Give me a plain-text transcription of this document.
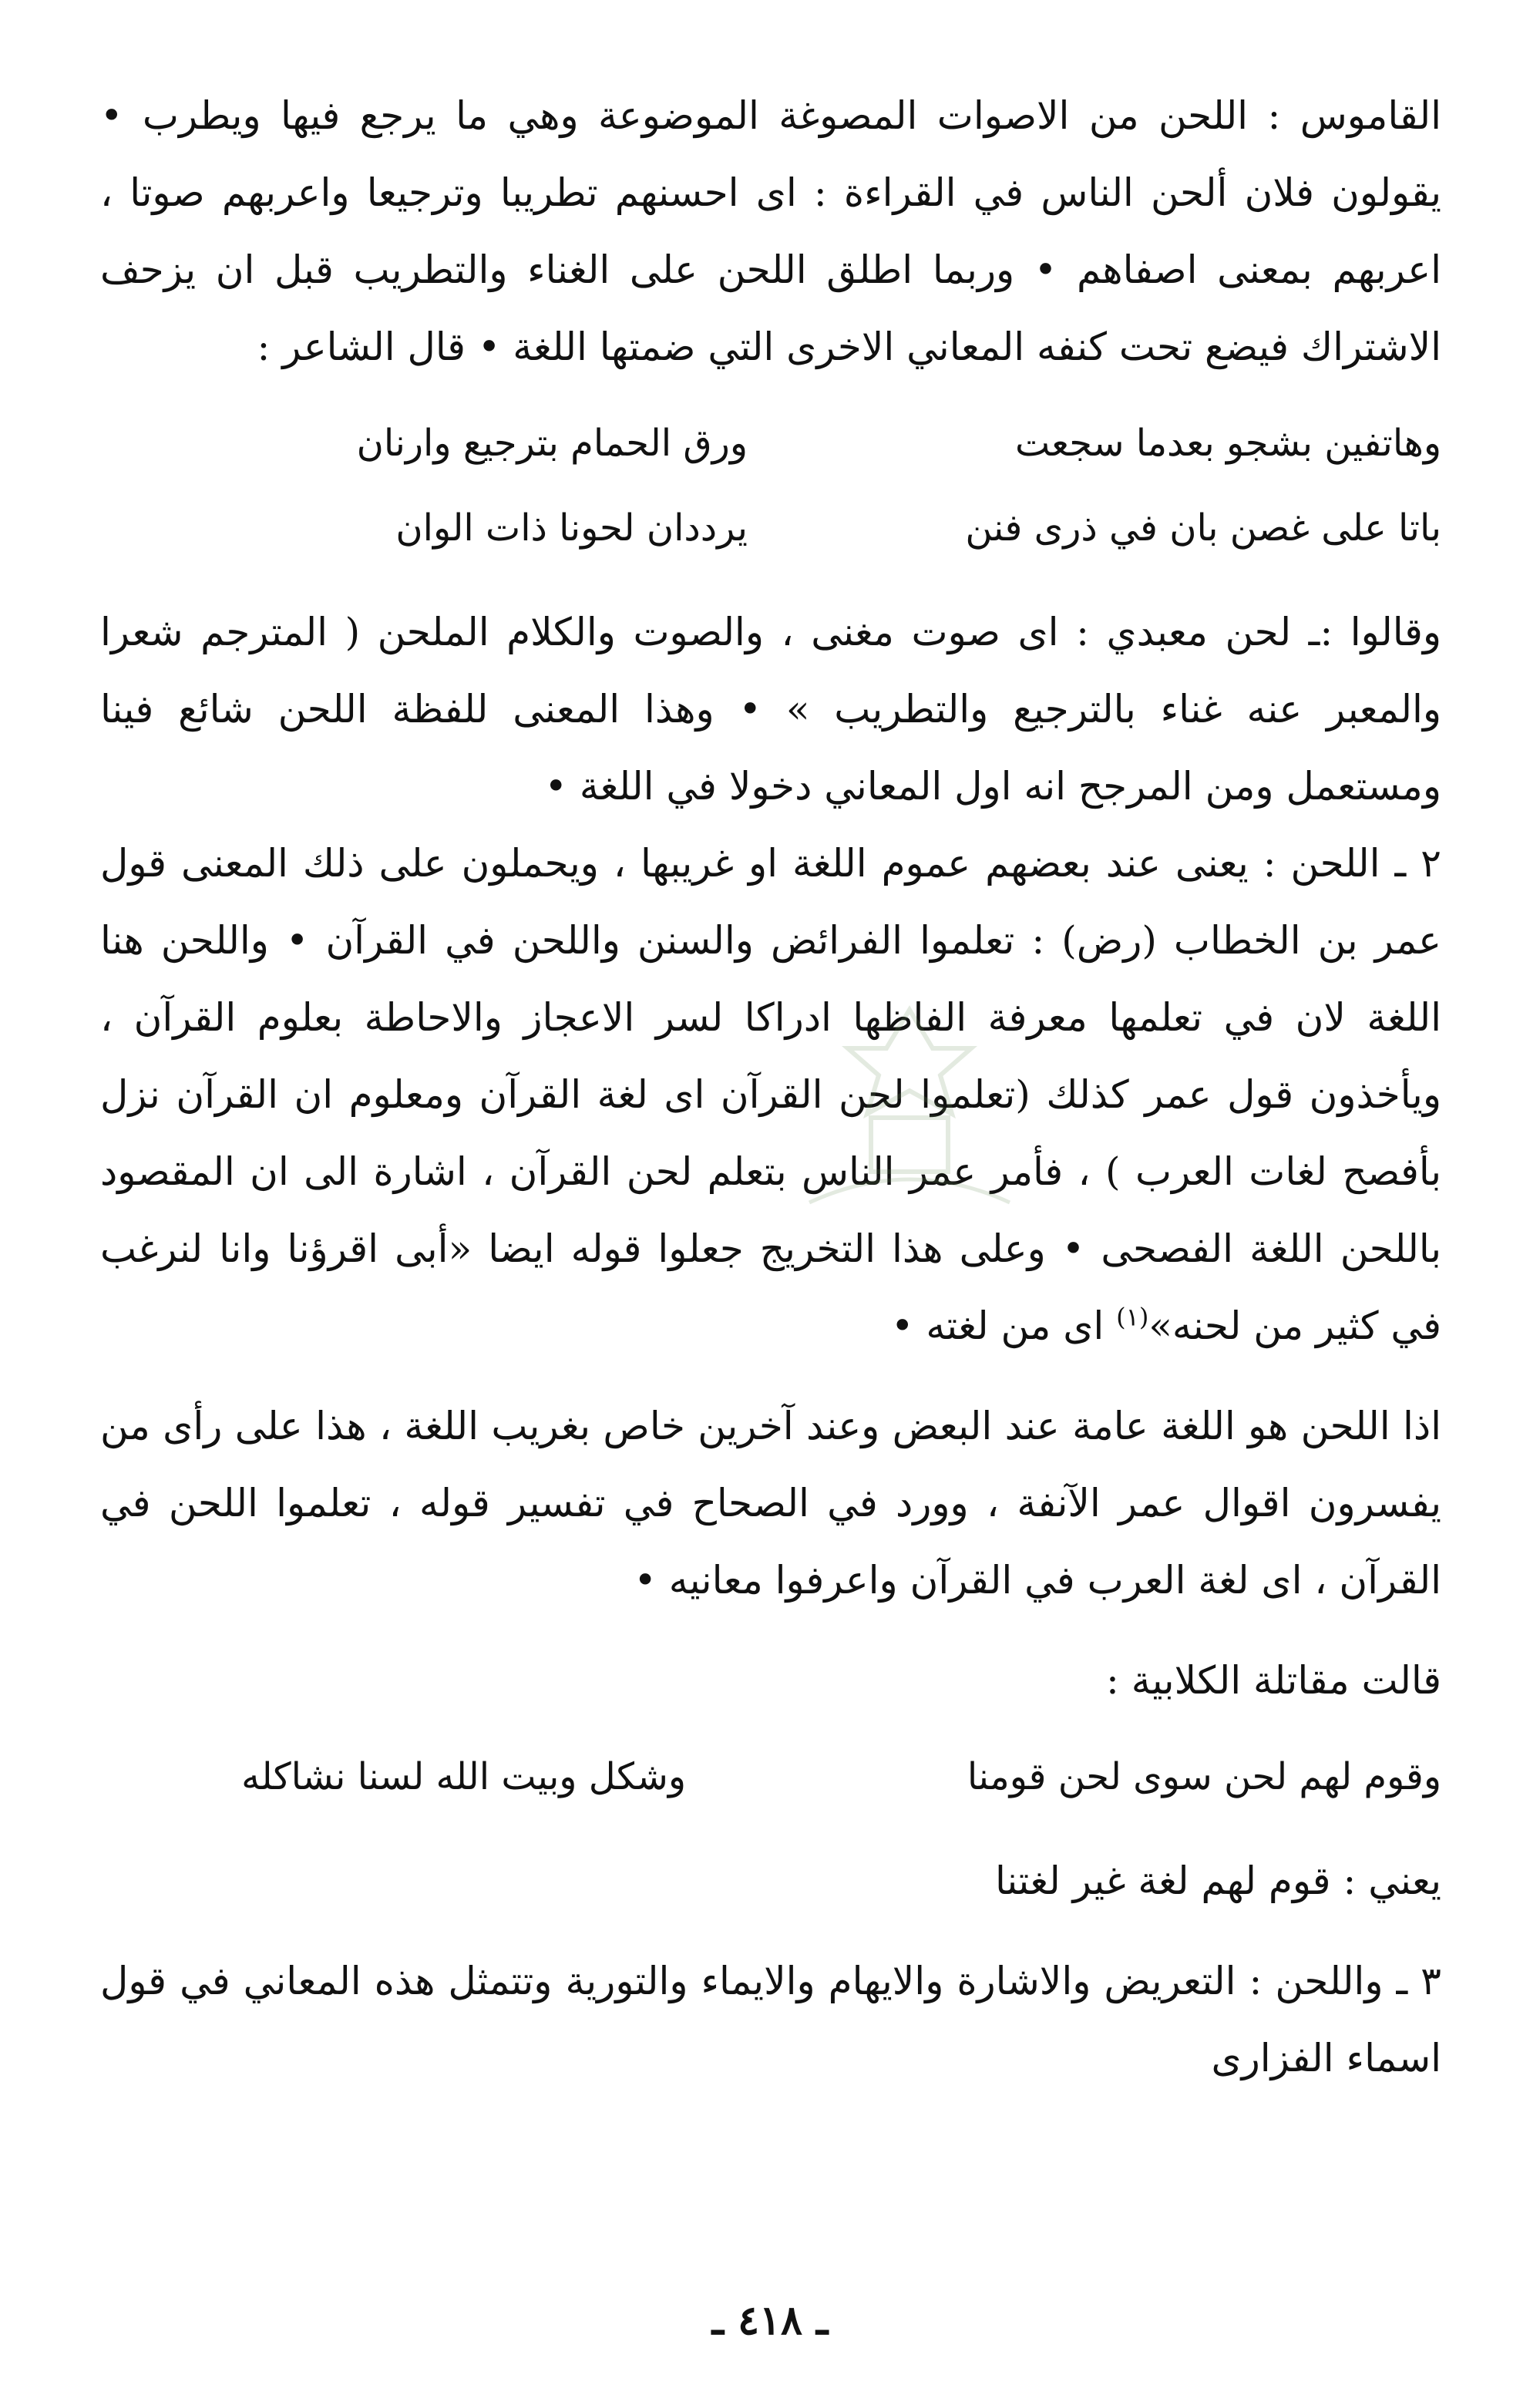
القاموس : اللحن من الاصوات المصوغة الموضوعة وهي ما يرجع فيها ويطرب • يقولون فلان ألحن الناس في القراءة : اى احسنهم تطريبا وترجيعا واعربهم صوتا ، اعربهم بمعنى اصفاهم • وربما اطلق اللحن على الغناء والتطريب قبل ان يزحف الاشتراك فيضع تحت كنفه المعاني الاخرى التي ضمتها اللغة • قال الشاعر :

وهاتفين بشجو بعدما سجعت
ورق الحمام بترجيع وارنان
باتا على غصن بان في ذرى فنن
يرددان لحونا ذات الوان

وقالوا :ـ لحن معبدي : اى صوت مغنى ، والصوت والكلام الملحن ( المترجم شعرا والمعبر عنه غناء بالترجيع والتطريب » • وهذا المعنى للفظة اللحن شائع فينا ومستعمل ومن المرجح انه اول المعاني دخولا في اللغة •

٢ ـ اللحن : يعنى عند بعضهم عموم اللغة او غريبها ، ويحملون على ذلك المعنى قول عمر بن الخطاب (رض) : تعلموا الفرائض والسنن واللحن في القرآن • واللحن هنا اللغة لان في تعلمها معرفة الفاظها ادراكا لسر الاعجاز والاحاطة بعلوم القرآن ، ويأخذون قول عمر كذلك (تعلموا لحن القرآن اى لغة القرآن ومعلوم ان القرآن نزل بأفصح لغات العرب ) ، فأمر عمر الناس بتعلم لحن القرآن ، اشارة الى ان المقصود باللحن اللغة الفصحى • وعلى هذا التخريج جعلوا قوله ايضا «أبى اقرؤنا وانا لنرغب في كثير من لحنه»$^{(١)}$ اى من لغته •

اذا اللحن هو اللغة عامة عند البعض وعند آخرين خاص بغريب اللغة ، هذا على رأى من يفسرون اقوال عمر الآنفة ، وورد في الصحاح في تفسير قوله ، تعلموا اللحن في القرآن ، اى لغة العرب في القرآن واعرفوا معانيه •

قالت مقاتلة الكلابية :

وقوم لهم لحن سوى لحن قومنا
وشكل وبيت الله لسنا نشاكله

يعني : قوم لهم لغة غير لغتنا

٣ ـ واللحن : التعريض والاشارة والايهام والايماء والتورية وتتمثل هذه المعاني في قول اسماء الفزارى

ـ ٤١٨ ـ
